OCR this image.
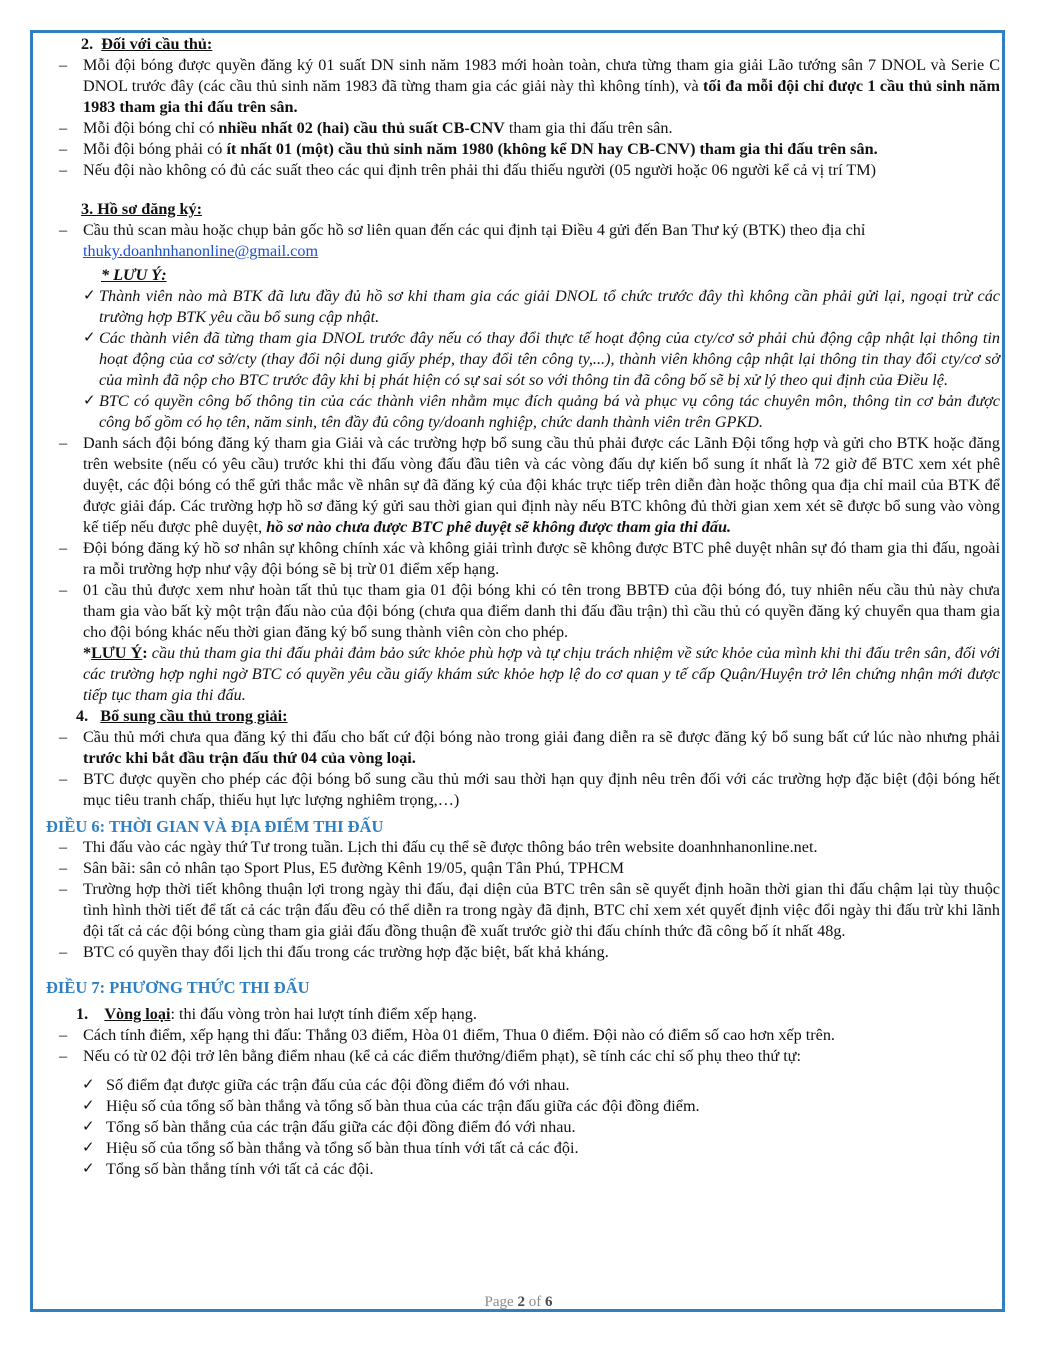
2. Đối với cầu thủ:
– Mỗi đội bóng được quyền đăng ký 01 suất DN sinh năm 1983 mới hoàn toàn, chưa từng tham gia giải Lão tướng sân 7 DNOL và Serie C DNOL trước đây (các cầu thủ sinh năm 1983 đã từng tham gia các giải này thì không tính), và tối đa mỗi đội chỉ được 1 cầu thủ sinh năm 1983 tham gia thi đấu trên sân.
– Mỗi đội bóng chỉ có nhiều nhất 02 (hai) cầu thủ suất CB-CNV tham gia thi đấu trên sân.
– Mỗi đội bóng phải có ít nhất 01 (một) cầu thủ sinh năm 1980 (không kể DN hay CB-CNV) tham gia thi đấu trên sân.
– Nếu đội nào không có đủ các suất theo các qui định trên phải thi đấu thiếu người (05 người hoặc 06 người kể cả vị trí TM)
3. Hồ sơ đăng ký:
– Cầu thủ scan màu hoặc chụp bản gốc hồ sơ liên quan đến các qui định tại Điều 4 gửi đến Ban Thư ký (BTK) theo địa chỉ
thuky.doanhnhanonline@gmail.com
* LƯU Ý:
✓ Thành viên nào mà BTK đã lưu đầy đủ hồ sơ khi tham gia các giải DNOL tổ chức trước đây thì không cần phải gửi lại, ngoại trừ các trường hợp BTK yêu cầu bổ sung cập nhật.
✓ Các thành viên đã từng tham gia DNOL trước đây nếu có thay đổi thực tế hoạt động của cty/cơ sở phải chủ động cập nhật lại thông tin hoạt động của cơ sở/cty (thay đổi nội dung giấy phép, thay đổi tên công ty,...), thành viên không cập nhật lại thông tin thay đổi cty/cơ sở của mình đã nộp cho BTC trước đây khi bị phát hiện có sự sai sót so với thông tin đã công bố sẽ bị xử lý theo qui định của Điều lệ.
✓ BTC có quyền công bố thông tin của các thành viên nhằm mục đích quảng bá và phục vụ công tác chuyên môn, thông tin cơ bản được công bố gồm có họ tên, năm sinh, tên đầy đủ công ty/doanh nghiệp, chức danh thành viên trên GPKD.
– Danh sách đội bóng đăng ký tham gia Giải và các trường hợp bổ sung cầu thủ phải được các Lãnh Đội tổng hợp và gửi cho BTK hoặc đăng trên website (nếu có yêu cầu) trước khi thi đấu vòng đấu đầu tiên và các vòng đấu dự kiến bổ sung ít nhất là 72 giờ để BTC xem xét phê duyệt, các đội bóng có thể gửi thắc mắc về nhân sự đã đăng ký của đội khác trực tiếp trên diễn đàn hoặc thông qua địa chỉ mail của BTK để được giải đáp. Các trường hợp hồ sơ đăng ký gửi sau thời gian qui định này nếu BTC không đủ thời gian xem xét sẽ được bổ sung vào vòng kế tiếp nếu được phê duyệt, hồ sơ nào chưa được BTC phê duyệt sẽ không được tham gia thi đấu.
– Đội bóng đăng ký hồ sơ nhân sự không chính xác và không giải trình được sẽ không được BTC phê duyệt nhân sự đó tham gia thi đấu, ngoài ra mỗi trường hợp như vậy đội bóng sẽ bị trừ 01 điểm xếp hạng.
– 01 cầu thủ được xem như hoàn tất thủ tục tham gia 01 đội bóng khi có tên trong BBTĐ của đội bóng đó, tuy nhiên nếu cầu thủ này chưa tham gia vào bất kỳ một trận đấu nào của đội bóng (chưa qua điểm danh thi đấu đầu trận) thì cầu thủ có quyền đăng ký chuyển qua tham gia cho đội bóng khác nếu thời gian đăng ký bổ sung thành viên còn cho phép.
*LƯU Ý: cầu thủ tham gia thi đấu phải đảm bảo sức khỏe phù hợp và tự chịu trách nhiệm về sức khỏe của mình khi thi đấu trên sân, đối với các trường hợp nghi ngờ BTC có quyền yêu cầu giấy khám sức khỏe hợp lệ do cơ quan y tế cấp Quận/Huyện trở lên chứng nhận mới được tiếp tục tham gia thi đấu.
4. Bổ sung cầu thủ trong giải:
– Cầu thủ mới chưa qua đăng ký thi đấu cho bất cứ đội bóng nào trong giải đang diễn ra sẽ được đăng ký bổ sung bất cứ lúc nào nhưng phải trước khi bắt đầu trận đấu thứ 04 của vòng loại.
– BTC được quyền cho phép các đội bóng bổ sung cầu thủ mới sau thời hạn quy định nêu trên đối với các trường hợp đặc biệt (đội bóng hết mục tiêu tranh chấp, thiếu hụt lực lượng nghiêm trọng,…)
ĐIỀU 6: THỜI GIAN VÀ ĐỊA ĐIỂM THI ĐẤU
– Thi đấu vào các ngày thứ Tư trong tuần. Lịch thi đấu cụ thể sẽ được thông báo trên website doanhnhanonline.net.
– Sân bãi: sân cỏ nhân tạo Sport Plus, E5 đường Kênh 19/05, quận Tân Phú, TPHCM
– Trường hợp thời tiết không thuận lợi trong ngày thi đấu, đại diện của BTC trên sân sẽ quyết định hoãn thời gian thi đấu chậm lại tùy thuộc tình hình thời tiết để tất cả các trận đấu đều có thể diễn ra trong ngày đã định, BTC chỉ xem xét quyết định việc đổi ngày thi đấu trừ khi lãnh đội tất cả các đội bóng cùng tham gia giải đấu đồng thuận đề xuất trước giờ thi đấu chính thức đã công bố ít nhất 48g.
– BTC có quyền thay đổi lịch thi đấu trong các trường hợp đặc biệt, bất khả kháng.
ĐIỀU 7: PHƯƠNG THỨC THI ĐẤU
1. Vòng loại: thi đấu vòng tròn hai lượt tính điểm xếp hạng.
– Cách tính điểm, xếp hạng thi đấu: Thắng 03 điểm, Hòa 01 điểm, Thua 0 điểm. Đội nào có điểm số cao hơn xếp trên.
– Nếu có từ 02 đội trở lên bằng điểm nhau (kể cả các điểm thưởng/điểm phạt), sẽ tính các chỉ số phụ theo thứ tự:
✓ Số điểm đạt được giữa các trận đấu của các đội đồng điểm đó với nhau.
✓ Hiệu số của tổng số bàn thắng và tổng số bàn thua của các trận đấu giữa các đội đồng điểm.
✓ Tổng số bàn thắng của các trận đấu giữa các đội đồng điểm đó với nhau.
✓ Hiệu số của tổng số bàn thắng và tổng số bàn thua tính với tất cả các đội.
✓ Tổng số bàn thắng tính với tất cả các đội.
Page 2 of 6
